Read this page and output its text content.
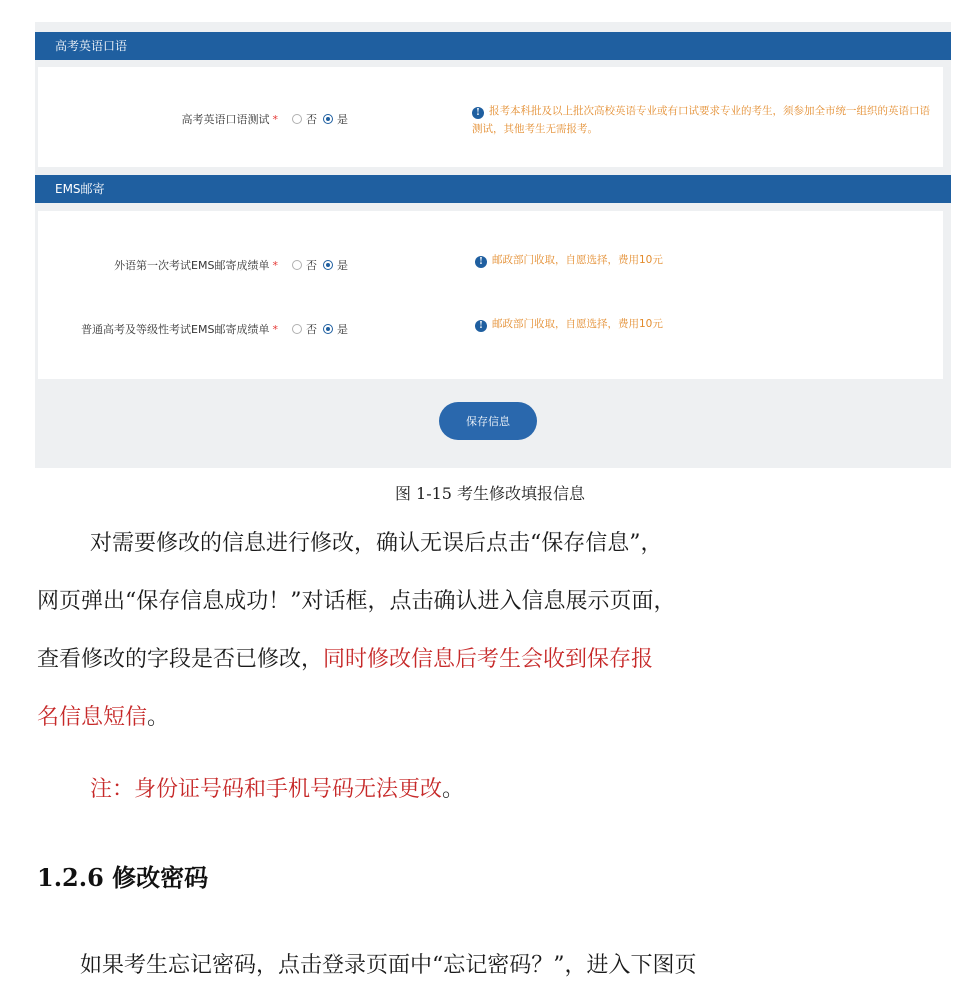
高考英语口语
高考英语口语测试 *	否 是	! 报考本科批及以上批次高校英语专业或有口试要求专业的考生，须参加全市统一组织的英语口语测试，其他考生无需报考。
EMS邮寄
外语第一次考试EMS邮寄成绩单 *	否 是	! 邮政部门收取，自愿选择，费用10元
普通高考及等级性考试EMS邮寄成绩单 *	否 是	! 邮政部门收取，自愿选择，费用10元
保存信息
图 1-15 考生修改填报信息
对需要修改的信息进行修改，确认无误后点击“保存信息”，
网页弹出“保存信息成功！”对话框，点击确认进入信息展示页面，
查看修改的字段是否已修改，同时修改信息后考生会收到保存报
名信息短信。
注：身份证号码和手机号码无法更改。
1.2.6 修改密码
如果考生忘记密码，点击登录页面中“忘记密码？”，进入下图页
